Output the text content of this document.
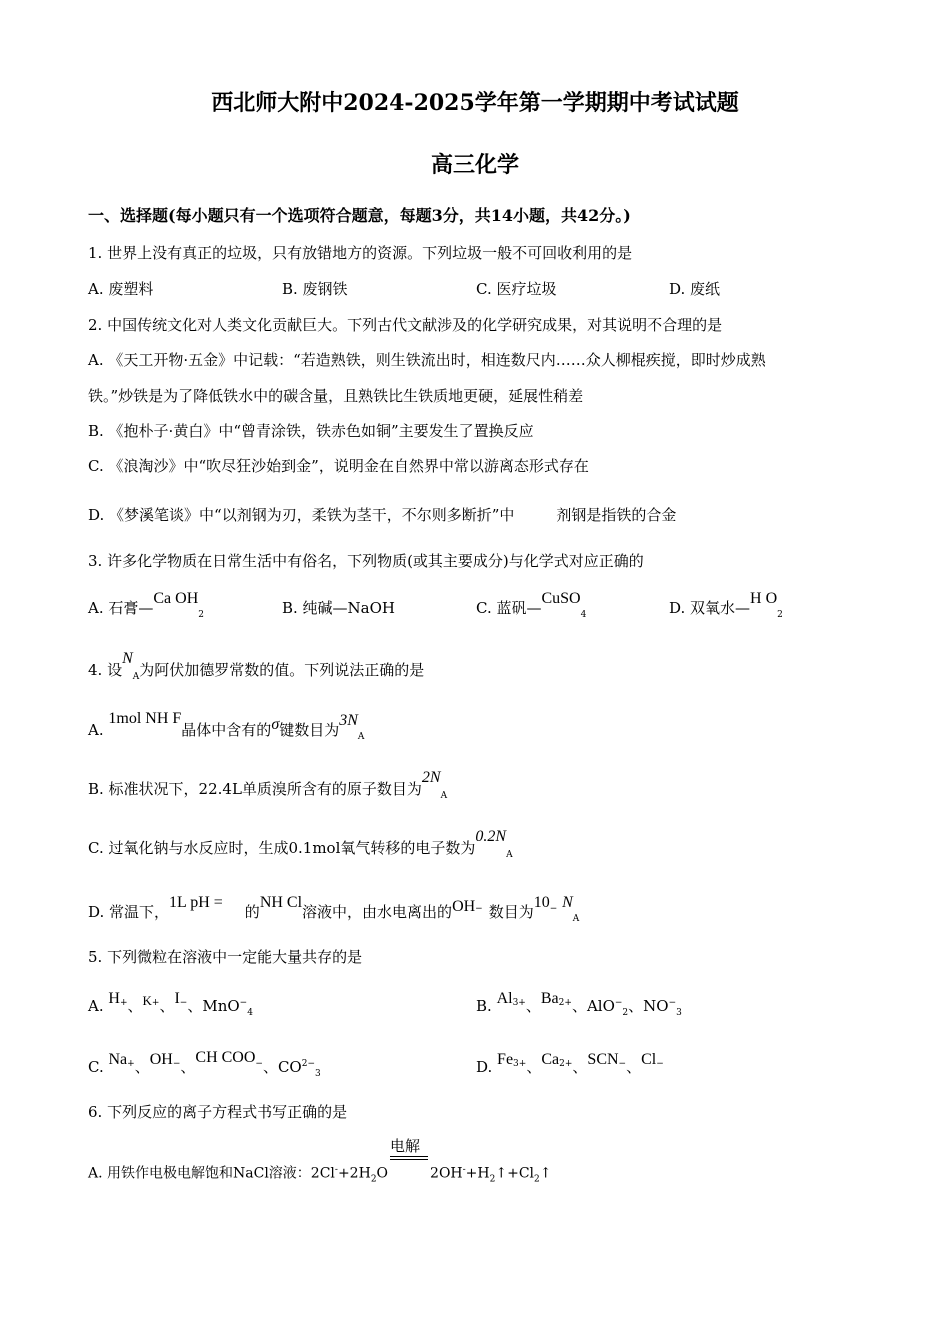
西北师大附中2024-2025学年第一学期期中考试试题
高三化学
一、选择题(每小题只有一个选项符合题意，每题3分，共14小题，共42分。)
1. 世界上没有真正的垃圾，只有放错地方的资源。下列垃圾一般不可回收利用的是
A. 废塑料	B. 废钢铁	C. 医疗垃圾	D. 废纸
2. 中国传统文化对人类文化贡献巨大。下列古代文献涉及的化学研究成果，对其说明不合理的是
A. 《天工开物·五金》中记载：“若造熟铁，则生铁流出时，相连数尺内……众人柳棍疾搅，即时炒成熟
铁。”炒铁是为了降低铁水中的碳含量，且熟铁比生铁质地更硬，延展性稍差
B. 《抱朴子·黄白》中“曾青涂铁，铁赤色如铜”主要发生了置换反应
C. 《浪淘沙》中“吹尽狂沙始到金”，说明金在自然界中常以游离态形式存在
D. 《梦溪笔谈》中“以剂钢为刃，柔铁为茎干，不尔则多断折”中	剂钢是指铁的合金
3. 许多化学物质在日常生活中有俗名，下列物质(或其主要成分)与化学式对应正确的
A. 石膏—Ca $OH_2$	B. 纯碱—NaOH	C. 蓝矾—CuSO$_4$	D. 双氧水—H $O_2$
4. 设$N_A$为阿伏加德罗常数的值。下列说法正确的是
A. 1mol NH F晶体中含有的σ键数目为$3N_A$
B. 标准状况下，22.4L单质溴所含有的原子数目为$2N_A$
C. 过氧化钠与水反应时，生成0.1mol氧气转移的电子数为$0.2N_A$
D. 常温下，1L pH =的NH Cl溶液中，由水电离出的OH− 数目为10− $N_A$
5. 下列微粒在溶液中一定能大量共存的是
A. H+、K+、I−、MnO−$_4$	B. $Al^{3+}$、$Ba^{2+}$、AlO−$_2$、$NO^-_3$
C. Na+、OH−、CH COO−、$CO^{2-}_3$	D. $Fe^{3+}$、$Ca^{2+}$、SCN−、Cl−
6. 下列反应的离子方程式书写正确的是
A. 用铁作电极电解饱和NaCl溶液：$2Cl^-+2H_2O$
电解
$2OH^-+H_2↑+Cl_2↑$
